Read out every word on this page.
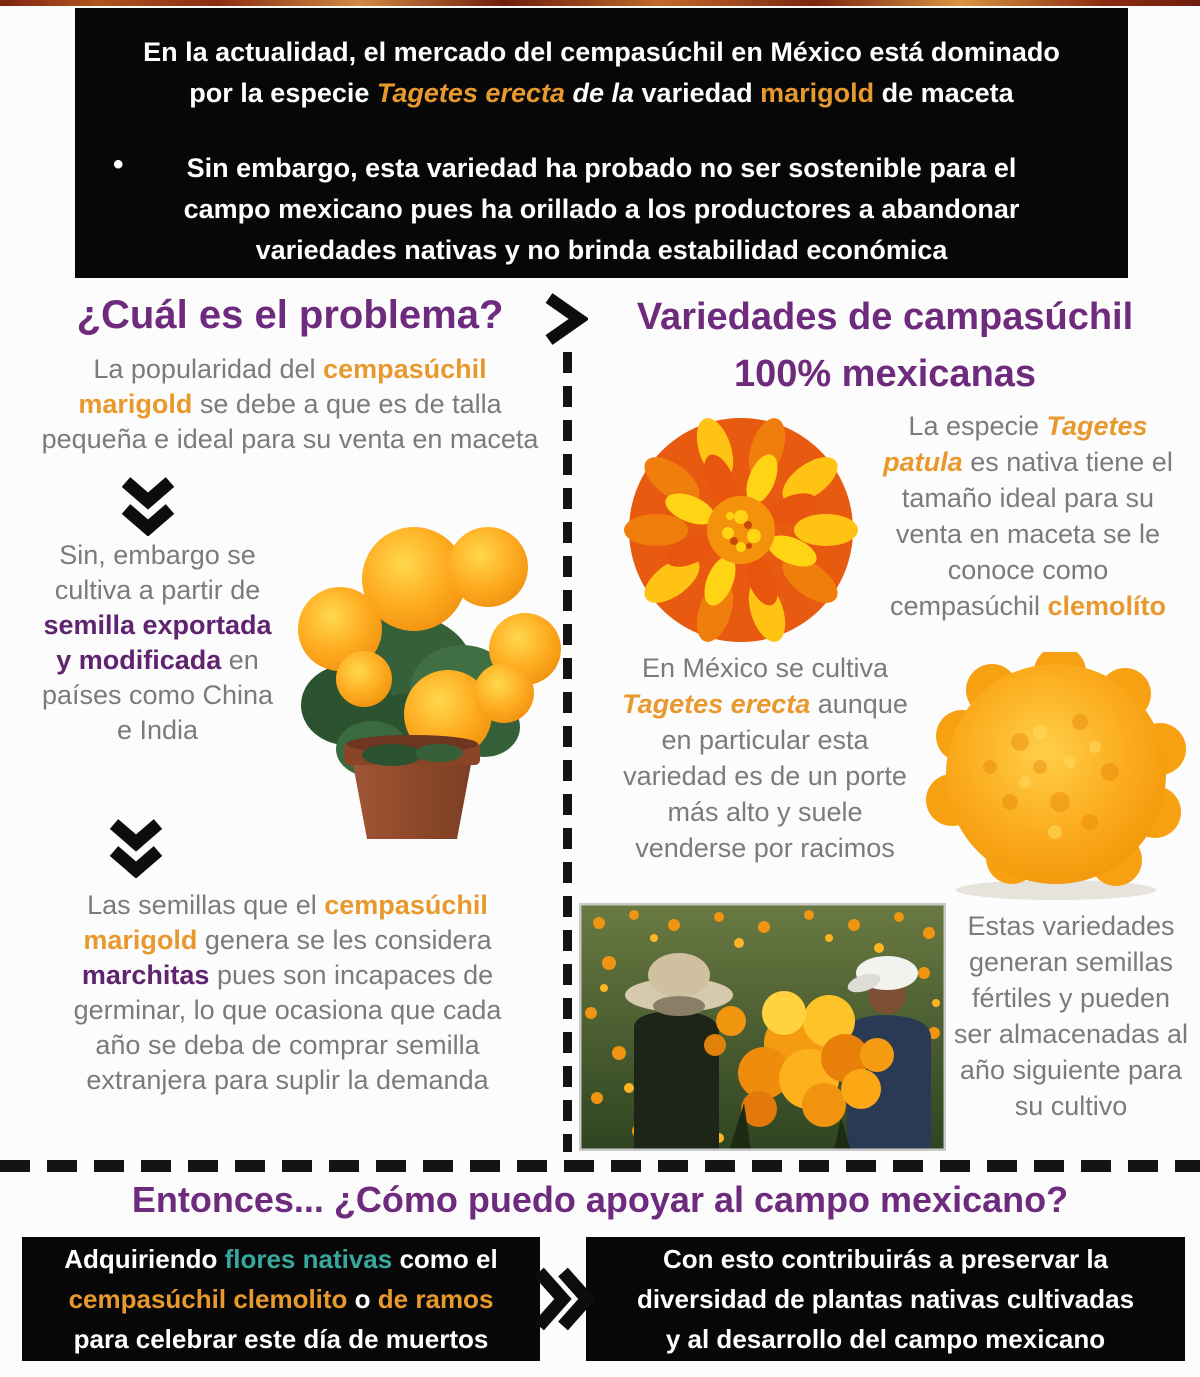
En la actualidad, el mercado del cempasúchil en México está dominado
por la especie Tagetes erecta de la variedad marigold de maceta
•	Sin embargo, esta variedad ha probado no ser sostenible para el
campo mexicano pues ha orillado a los productores a abandonar
variedades nativas y no brinda estabilidad económica
¿Cuál es el problema?
La popularidad del cempasúchil
marigold se debe a que es de talla
pequeña e ideal para su venta en maceta
Sin, embargo se
cultiva a partir de
semilla exportada
y modificada en
países como China
e India
Las semillas que el cempasúchil
marigold genera se les considera
marchitas pues son incapaces de
germinar, lo que ocasiona que cada
año se deba de comprar semilla
extranjera para suplir la demanda
Variedades de campasúchil
100% mexicanas
La especie Tagetes
patula es nativa tiene el
tamaño ideal para su
venta en maceta se le
conoce como
cempasúchil clemolíto
En México se cultiva
Tagetes erecta aunque
en particular esta
variedad es de un porte
más alto y suele
venderse por racimos
Estas variedades
generan semillas
fértiles y pueden
ser almacenadas al
año siguiente para
su cultivo
Entonces... ¿Cómo puedo apoyar al campo mexicano?
Adquiriendo flores nativas como el
cempasúchil clemolito o de ramos
para celebrar este día de muertos
Con esto contribuirás a preservar la
diversidad de plantas nativas cultivadas
y al desarrollo del campo mexicano
